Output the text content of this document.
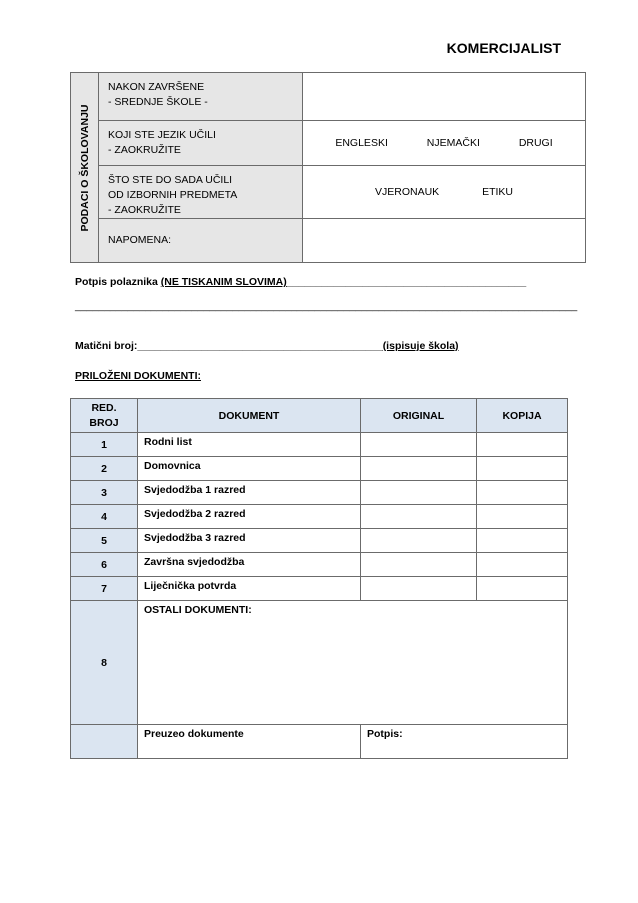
KOMERCIJALIST
PODACI O ŠKOLOVANJU	NAKON ZAVRŠENE
- SREDNJE ŠKOLE -	

	KOJI STE JEZIK UČILI
- ZAOKRUŽITE	ENGLESKI NJEMAČKI DRUGI

	ŠTO STE DO SADA UČILI
OD IZBORNIH PREDMETA
- ZAOKRUŽITE	VJERONAUK ETIKU

	NAPOMENA:	

Potpis polaznika (NE TISKANIM SLOVIMA)_________________________________________
______________________________________________________________________________________
Matični broj:__________________________________________(ispisuje škola)
PRILOŽENI DOKUMENTI:
RED. BROJ	DOKUMENT	ORIGINAL	KOPIJA
1	Rodni list		
2	Domovnica		
3	Svjedodžba 1 razred		
4	Svjedodžba 2 razred		
5	Svjedodžba 3 razred		
6	Završna svjedodžba		
7	Liječnička potvrda		
8	OSTALI DOKUMENTI:		
	Preuzeo dokumente	Potpis:	
